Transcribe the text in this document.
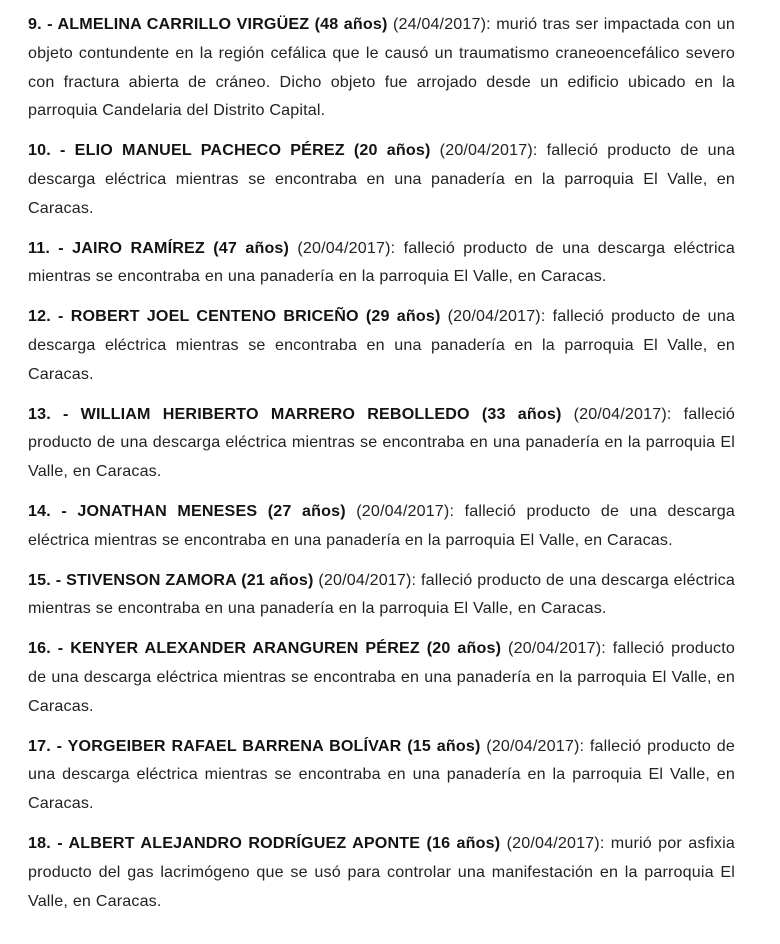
9. - ALMELINA CARRILLO VIRGÜEZ (48 años) (24/04/2017): murió tras ser impactada con un objeto contundente en la región cefálica que le causó un traumatismo craneoencefálico severo con fractura abierta de cráneo. Dicho objeto fue arrojado desde un edificio ubicado en la parroquia Candelaria del Distrito Capital.

10. - ELIO MANUEL PACHECO PÉREZ (20 años) (20/04/2017): falleció producto de una descarga eléctrica mientras se encontraba en una panadería en la parroquia El Valle, en Caracas.

11. - JAIRO RAMÍREZ (47 años) (20/04/2017): falleció producto de una descarga eléctrica mientras se encontraba en una panadería en la parroquia El Valle, en Caracas.

12. - ROBERT JOEL CENTENO BRICEÑO (29 años) (20/04/2017): falleció producto de una descarga eléctrica mientras se encontraba en una panadería en la parroquia El Valle, en Caracas.

13. - WILLIAM HERIBERTO MARRERO REBOLLEDO (33 años) (20/04/2017): falleció producto de una descarga eléctrica mientras se encontraba en una panadería en la parroquia El Valle, en Caracas.

14. - JONATHAN MENESES (27 años) (20/04/2017): falleció producto de una descarga eléctrica mientras se encontraba en una panadería en la parroquia El Valle, en Caracas.

15. - STIVENSON ZAMORA (21 años) (20/04/2017): falleció producto de una descarga eléctrica mientras se encontraba en una panadería en la parroquia El Valle, en Caracas.

16. - KENYER ALEXANDER ARANGUREN PÉREZ (20 años) (20/04/2017): falleció producto de una descarga eléctrica mientras se encontraba en una panadería en la parroquia El Valle, en Caracas.

17. - YORGEIBER RAFAEL BARRENA BOLÍVAR (15 años) (20/04/2017): falleció producto de una descarga eléctrica mientras se encontraba en una panadería en la parroquia El Valle, en Caracas.

18. - ALBERT ALEJANDRO RODRÍGUEZ APONTE (16 años) (20/04/2017): murió por asfixia producto del gas lacrimógeno que se usó para controlar una manifestación en la parroquia El Valle, en Caracas.
